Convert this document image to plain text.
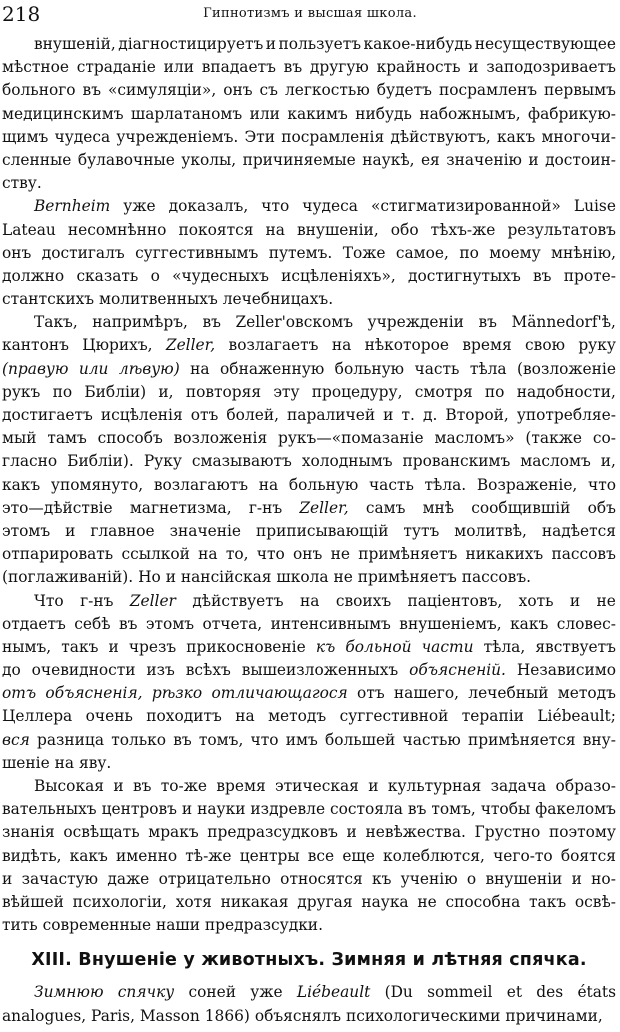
218	Гипнотизмъ и высшая школа.
внушеній, діагностицируетъ и пользуетъ какое-нибудь несуществующее
мѣстное страданіе или впадаетъ въ другую крайность и заподозриваетъ
больного въ «симуляціи», онъ съ легкостью будетъ посрамленъ первымъ
медицинскимъ шарлатаномъ или какимъ нибудь набожнымъ, фабрикую-
щимъ чудеса учрежденіемъ. Эти посрамленія дѣйствуютъ, какъ многочи-
сленные булавочные уколы, причиняемые наукѣ, ея значенію и достоин-
ству.
Bernheim уже доказалъ, что чудеса «стигматизированной» Luise
Lateau несомнѣнно покоятся на внушеніи, обо тѣхъ-же результатовъ
онъ достигалъ суггестивнымъ путемъ. Тоже самое, по моему мнѣнію,
должно сказать о «чудесныхъ исцѣленіяхъ», достигнутыхъ въ проте-
стантскихъ молитвенныхъ лечебницахъ.
Такъ, напримѣръ, въ Zeller'овскомъ учрежденіи въ Männedorf'ѣ,
кантонъ Цюрихъ, Zeller, возлагаетъ на нѣкоторое время свою руку
(правую или лѣвую) на обнаженную больную часть тѣла (возложеніе
рукъ по Библіи) и, повторяя эту процедуру, смотря по надобности,
достигаетъ исцѣленія отъ болей, параличей и т. д. Второй, употребляе-
мый тамъ способъ возложенія рукъ—«помазаніе масломъ» (также со-
гласно Библіи). Руку смазываютъ холоднымъ прованскимъ масломъ и,
какъ упомянуто, возлагаютъ на больную часть тѣла. Возраженіе, что
это—дѣйствіе магнетизма, г-нъ Zeller, самъ мнѣ сообщившій объ
этомъ и главное значеніе приписывающій тутъ молитвѣ, надѣется
отпарировать ссылкой на то, что онъ не примѣняетъ никакихъ пассовъ
(поглаживаній). Но и нансійская школа не примѣняетъ пассовъ.
Что г-нъ Zeller дѣйствуетъ на своихъ паціентовъ, хоть и не
отдаетъ себѣ въ этомъ отчета, интенсивнымъ внушеніемъ, какъ словес-
нымъ, такъ и чрезъ прикосновеніе къ больной части тѣла, явствуетъ
до очевидности изъ всѣхъ вышеизложенныхъ объясненій. Независимо
отъ объясненія, рѣзко отличающагося отъ нашего, лечебный методъ
Целлера очень походитъ на методъ суггестивной терапіи Liébeault;
вся разница только въ томъ, что имъ большей частью примѣняется вну-
шеніе на яву.
Высокая и въ то-же время этическая и культурная задача образо-
вательныхъ центровъ и науки издревле состояла въ томъ, чтобы факеломъ
знанія освѣщать мракъ предразсудковъ и невѣжества. Грустно поэтому
видѣть, какъ именно тѣ-же центры все еще колеблются, чего-то боятся
и зачастую даже отрицательно относятся къ ученію о внушеніи и но-
вѣйшей психологіи, хотя никакая другая наука не способна такъ освѣ-
тить современные наши предразсудки.
XIII. Внушеніе у животныхъ. Зимняя и лѣтняя спячка.
Зимнюю спячку соней уже Liébeault (Du sommeil et des états
analogues, Paris, Masson 1866) объяснялъ психологическими причинами,
